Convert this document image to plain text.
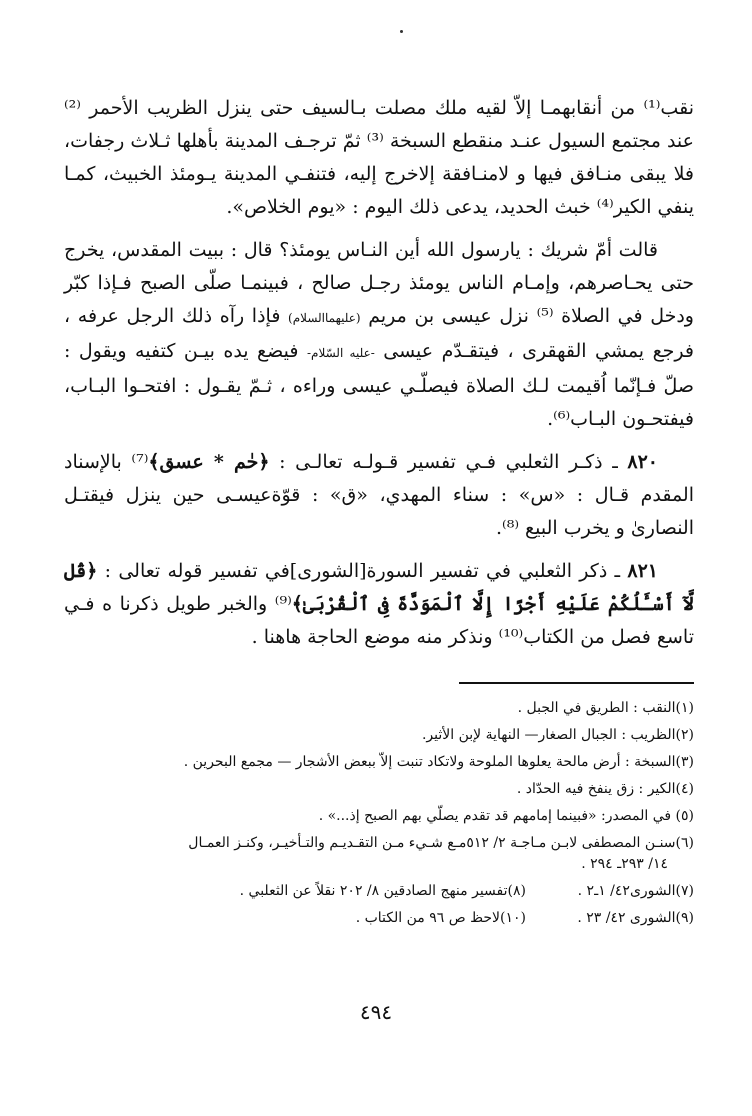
نقب⁽¹⁾ من أنقابهمـا إلاّ لقيه ملك مصلت بـالسيف حتى ينزل الظريب الأحمر ⁽²⁾ عند مجتمع السيول عنـد منقطع السبخة ⁽³⁾ ثمّ ترجـف المدينة بأهلها ثـلاث رجفات، فلا يبقى منـافق فيها و لامنـافقة إلاخرج إليه، فتنفـي المدينة يـومئذ الخبيث، كمـا ينفي الكير⁽⁴⁾ خبث الحديد، يدعى ذلك اليوم : «يوم الخلاص».

قالت أمّ شريك : يارسول الله أين النـاس يومئذ؟ قال : ببيت المقدس، يخرج حتى يحـاصرهم، وإمـام الناس يومئذ رجـل صالح ، فبينمـا صلّى الصبح فـإذا كبّر ودخل في الصلاة ⁽⁵⁾ نزل عيسى بن مريم (عليهماالسلام) فإذا رآه ذلك الرجل عرفه ، فرجع يمشي القهقرى ، فيتقـدّم عيسى -عليه السّلام- فيضع يده بيـن كتفيه ويقول : صلّ فـإنّما اُقيمت لـك الصلاة فيصلّـي عيسى وراءه ، ثـمّ يقـول : افتحـوا البـاب، فيفتحـون البـاب⁽⁶⁾.

٨٢٠ ـ ذكـر الثعلبي فـي تفسير قـولـه تعالـى : ﴿حٰم * عسق﴾⁽⁷⁾ بالإسناد المقدم قـال : «س» : سناء المهدي، «ق» : قوّةعيسـى حين ينزل فيقتـل النصارىٰ و يخرب البيع ⁽⁸⁾.

٨٢١ ـ ذكر الثعلبي في تفسير السورة[الشورى]في تفسير قوله تعالى : ﴿قُل لَّآ أَسْـَٔلُكُمْ عَلَيْهِ أَجْرًا إِلَّا ٱلْمَوَدَّةَ فِى ٱلْقُرْبَىٰ﴾⁽⁹⁾ والخبر طويل ذكرنا ه فـي تاسع فصل من الكتاب⁽¹⁰⁾ ونذكر منه موضع الحاجة هاهنا .

(١)النقب : الطريق في الجبل .
(٢)الظريب : الجبال الصغار— النهاية لإبن الأثير.
(٣)السبخة : أرض مالحة يعلوها الملوحة ولاتكاد تنبت إلاّ ببعض الأشجار — مجمع البحرين .
(٤)الكير : زق ينفخ فيه الحدّاد .
(٥) في المصدر: «فبينما إمامهم قد تقدم يصلّي بهم الصبح إذ...» .
(٦)سنـن المصطفى لابـن مـاجـة ٢/ ٥١٢مـع شـيء مـن التقـديـم والتـأخيـر، وكنـز العمـال
١٤/ ٢٩٣ـ ٢٩٤ .
(٧)الشورى٤٢/ ١ـ٢ .
(٨)تفسير منهج الصادقين ٨/ ٢٠٢ نقلاً عن الثعلبي .
(٩)الشورى ٤٢/ ٢٣ .
(١٠)لاحظ ص ٩٦ من الكتاب .
٤٩٤
